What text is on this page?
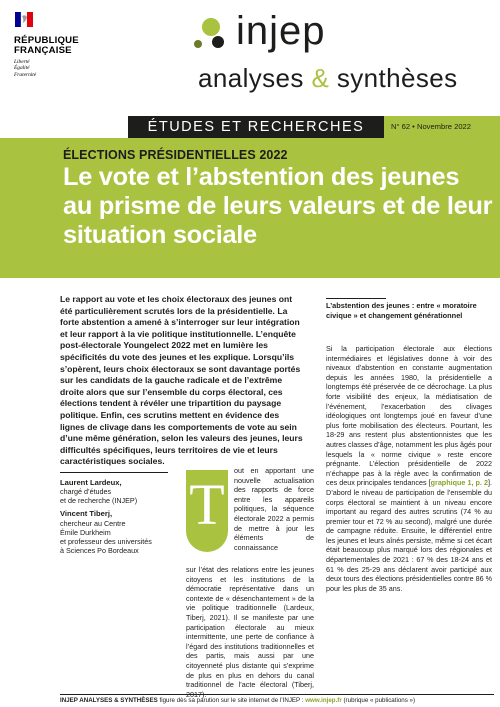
RÉPUBLIQUE
FRANÇAISE
Liberté
Égalité
Fraternité
injep
analyses & synthèses
ÉTUDES ET RECHERCHES	N° 62 • Novembre 2022
ÉLECTIONS PRÉSIDENTIELLES 2022
Le vote et l’abstention des jeunes au prisme de leurs valeurs et de leur situation sociale
Le rapport au vote et les choix électoraux des jeunes ont été particulièrement scrutés lors de la présidentielle. La forte abstention a amené à s’interroger sur leur intégration et leur rapport à la vie politique institutionnelle. L’enquête post-électorale Youngelect 2022 met en lumière les spécificités du vote des jeunes et les explique. Lorsqu’ils s’opèrent, leurs choix électoraux se sont davantage portés sur les candidats de la gauche radicale et de l’extrême droite alors que sur l’ensemble du corps électoral, ces élections tendent à révéler une tripartition du paysage politique. Enfin, ces scrutins mettent en évidence des lignes de clivage dans les comportements de vote au sein d’une même génération, selon les valeurs des jeunes, leurs difficultés spécifiques, leurs territoires de vie et leurs caractéristiques sociales.
Laurent Lardeux,
chargé d’études
et de recherche (INJEP)
Vincent Tiberj,
chercheur au Centre
Émile Durkheim
et professeur des universités
à Sciences Po Bordeaux
T
out en apportant une nouvelle actualisation des rapports de force entre les appareils politiques, la séquence électorale 2022 a permis de mettre à jour les éléments de connaissance
sur l’état des relations entre les jeunes citoyens et les institutions de la démocratie représentative dans un contexte de « désenchantement » de la vie politique traditionnelle (Lardeux, Tiberj, 2021). Il se manifeste par une participation électorale au mieux intermittente, une perte de confiance à l’égard des institutions traditionnelles et des partis, mais aussi par une citoyenneté plus distante qui s’exprime de plus en plus en dehors du canal traditionnel de l’acte électoral (Tiberj,
L’abstention des jeunes : entre « moratoire civique » et changement générationnel
Si la participation électorale aux élections intermédiaires et législatives donne à voir des niveaux d’abstention en constante augmentation depuis les années 1980, la présidentielle a longtemps été préservée de ce décrochage. La plus forte visibilité des enjeux, la médiatisation de l’événement, l’exacerbation des clivages idéologiques ont longtemps joué en faveur d’une plus forte mobilisation des électeurs. Pourtant, les 18-29 ans restent plus abstentionnistes que les autres classes d’âge, notamment les plus âgés pour lesquels la « norme civique » reste encore prégnante. L’élection présidentielle de 2022 n’échappe pas à la règle avec la confirmation de ces deux principales tendances [graphique 1, p. 2]. D’abord le niveau de participation de l’ensemble du corps électoral se maintient à un niveau encore important au regard des autres scrutins (74 % au premier tour et 72 % au second), malgré une durée de campagne réduite. Ensuite, le différentiel entre les jeunes et leurs aînés persiste, même si cet écart était beaucoup plus marqué lors des régionales et départementales de 2021 : 67 % des 18-24 ans et 61 % des 25-29 ans déclarent avoir participé aux deux tours des élections présidentielles contre 86 % pour les plus de 35 ans.
INJEP ANALYSES & SYNTHÈSES figure dès sa parution sur le site internet de l’INJEP : www.injep.fr (rubrique « publications »)
